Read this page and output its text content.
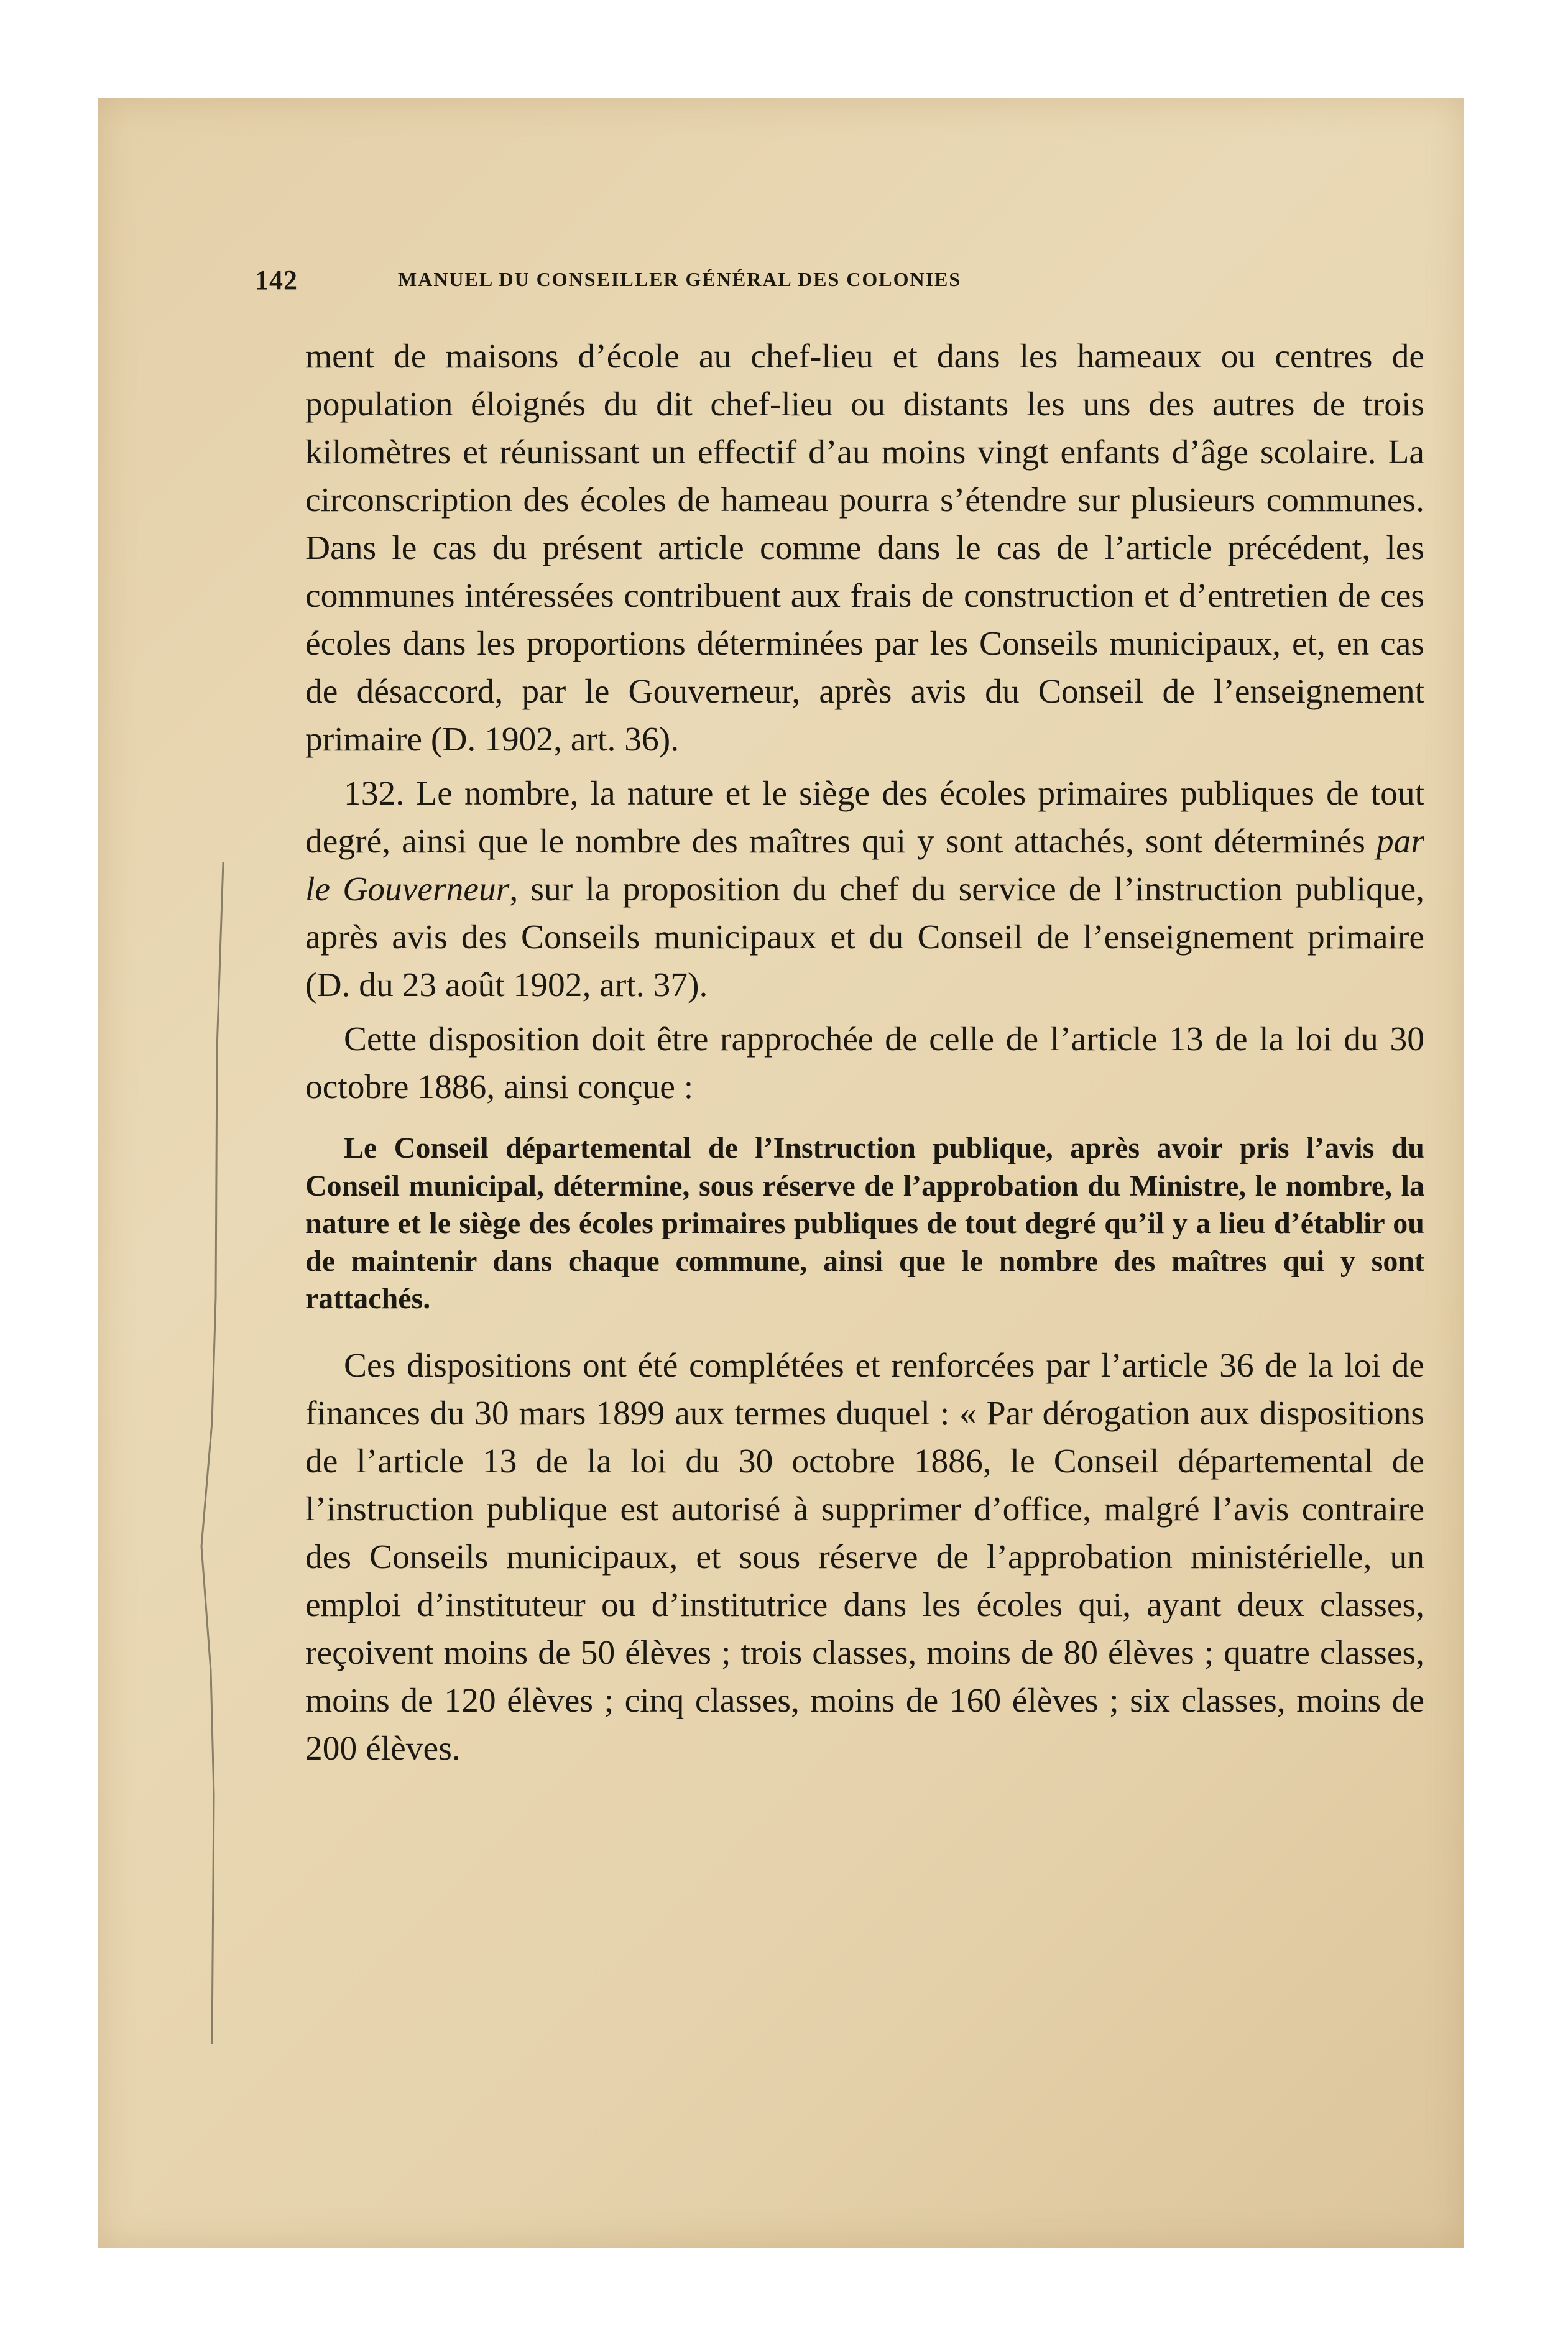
142	MANUEL DU CONSEILLER GÉNÉRAL DES COLONIES

ment de maisons d’école au chef-lieu et dans les hameaux ou centres de population éloignés du dit chef-lieu ou distants les uns des autres de trois kilomètres et réunissant un effectif d’au moins vingt enfants d’âge scolaire. La circonscription des écoles de hameau pourra s’étendre sur plusieurs communes. Dans le cas du présent article comme dans le cas de l’article précédent, les communes intéressées contribuent aux frais de construction et d’entretien de ces écoles dans les proportions déterminées par les Conseils municipaux, et, en cas de désaccord, par le Gouverneur, après avis du Conseil de l’enseignement primaire (D. 1902, art. 36).

132. Le nombre, la nature et le siège des écoles primaires publiques de tout degré, ainsi que le nombre des maîtres qui y sont attachés, sont déterminés par le Gouverneur, sur la proposition du chef du service de l’instruction publique, après avis des Conseils municipaux et du Conseil de l’enseignement primaire (D. du 23 août 1902, art. 37).

Cette disposition doit être rapprochée de celle de l’article 13 de la loi du 30 octobre 1886, ainsi conçue :

Le Conseil départemental de l’Instruction publique, après avoir pris l’avis du Conseil municipal, détermine, sous réserve de l’approbation du Ministre, le nombre, la nature et le siège des écoles primaires publiques de tout degré qu’il y a lieu d’établir ou de maintenir dans chaque commune, ainsi que le nombre des maîtres qui y sont rattachés.

Ces dispositions ont été complétées et renforcées par l’article 36 de la loi de finances du 30 mars 1899 aux termes duquel : « Par dérogation aux dispositions de l’article 13 de la loi du 30 octobre 1886, le Conseil départemental de l’instruction publique est autorisé à supprimer d’office, malgré l’avis contraire des Conseils municipaux, et sous réserve de l’approbation ministérielle, un emploi d’instituteur ou d’institutrice dans les écoles qui, ayant deux classes, reçoivent moins de 50 élèves ; trois classes, moins de 80 élèves ; quatre classes, moins de 120 élèves ; cinq classes, moins de 160 élèves ; six classes, moins de 200 élèves.
